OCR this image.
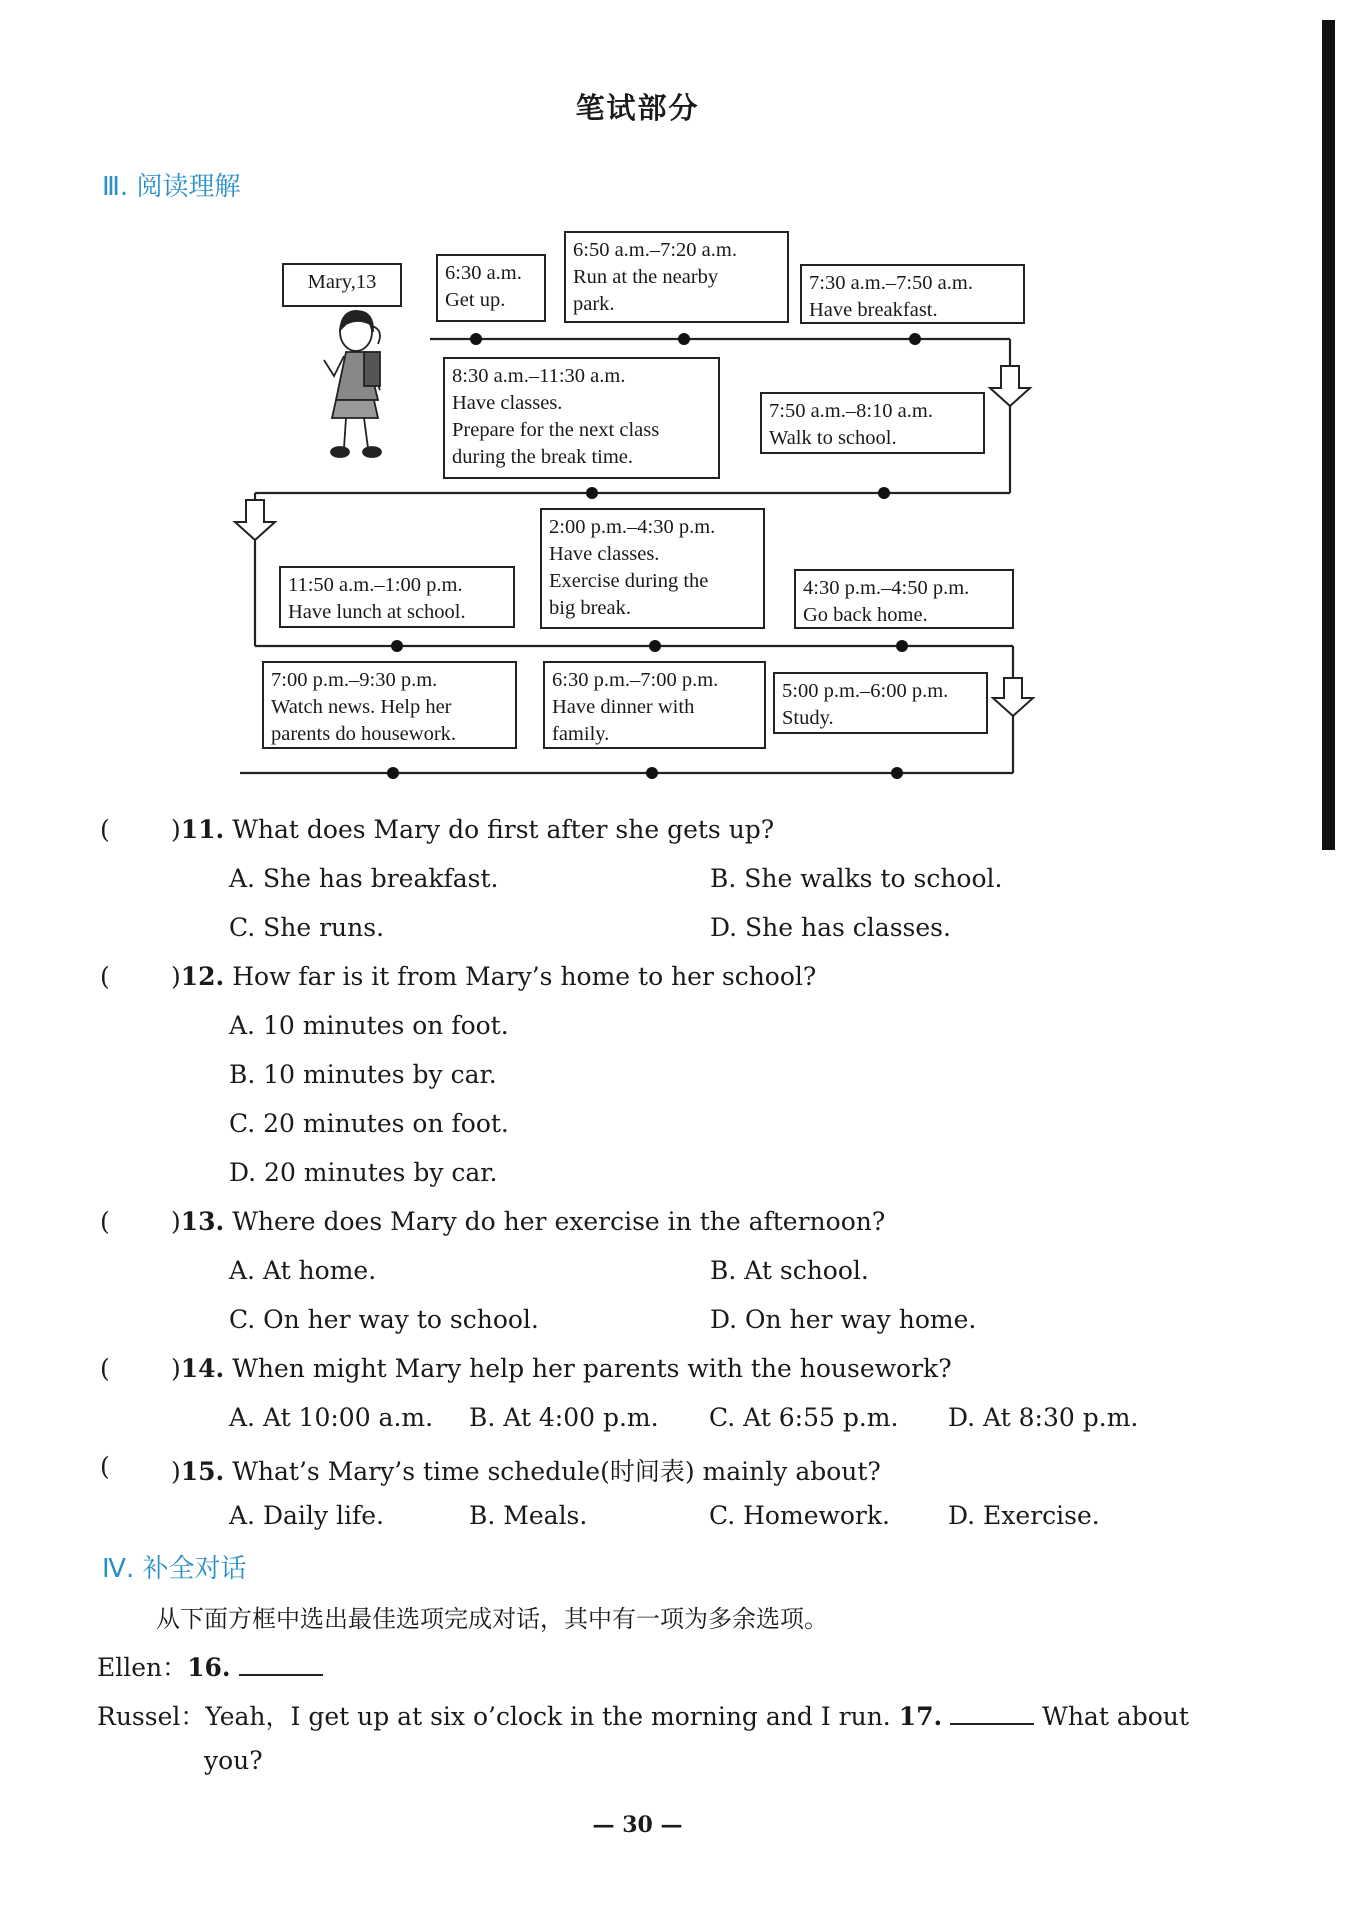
笔试部分
Ⅲ. 阅读理解
Mary,13	6:30 a.m.
Get up.
6:50 a.m.–7:20 a.m.
Run at the nearby
park.
7:30 a.m.–7:50 a.m.
Have breakfast.
8:30 a.m.–11:30 a.m.
Have classes.
Prepare for the next class
during the break time.
7:50 a.m.–8:10 a.m.
Walk to school.
2:00 p.m.–4:30 p.m.
Have classes.
Exercise during the
big break.
11:50 a.m.–1:00 p.m.
Have lunch at school.
4:30 p.m.–4:50 p.m.
Go back home.
7:00 p.m.–9:30 p.m.
Watch news. Help her
parents do housework.
6:30 p.m.–7:00 p.m.
Have dinner with
family.
5:00 p.m.–6:00 p.m.
Study.
( )11. What does Mary do first after she gets up?
A. She has breakfast.	B. She walks to school.
C. She runs.	D. She has classes.
( )12. How far is it from Mary’s home to her school?
A. 10 minutes on foot.
B. 10 minutes by car.
C. 20 minutes on foot.
D. 20 minutes by car.
( )13. Where does Mary do her exercise in the afternoon?
A. At home.	B. At school.
C. On her way to school.	D. On her way home.
( )14. When might Mary help her parents with the housework?
A. At 10:00 a.m. B. At 4:00 p.m. C. At 6:55 p.m. D. At 8:30 p.m.
( )15. What’s Mary’s time schedule(时间表) mainly about?
A. Daily life.	B. Meals.	C. Homework. D. Exercise.
Ⅳ. 补全对话
从下面方框中选出最佳选项完成对话，其中有一项为多余选项。
Ellen：16.
Russel：Yeah，I get up at six o’clock in the morning and I run. 17.	What about
you?
— 30 —
